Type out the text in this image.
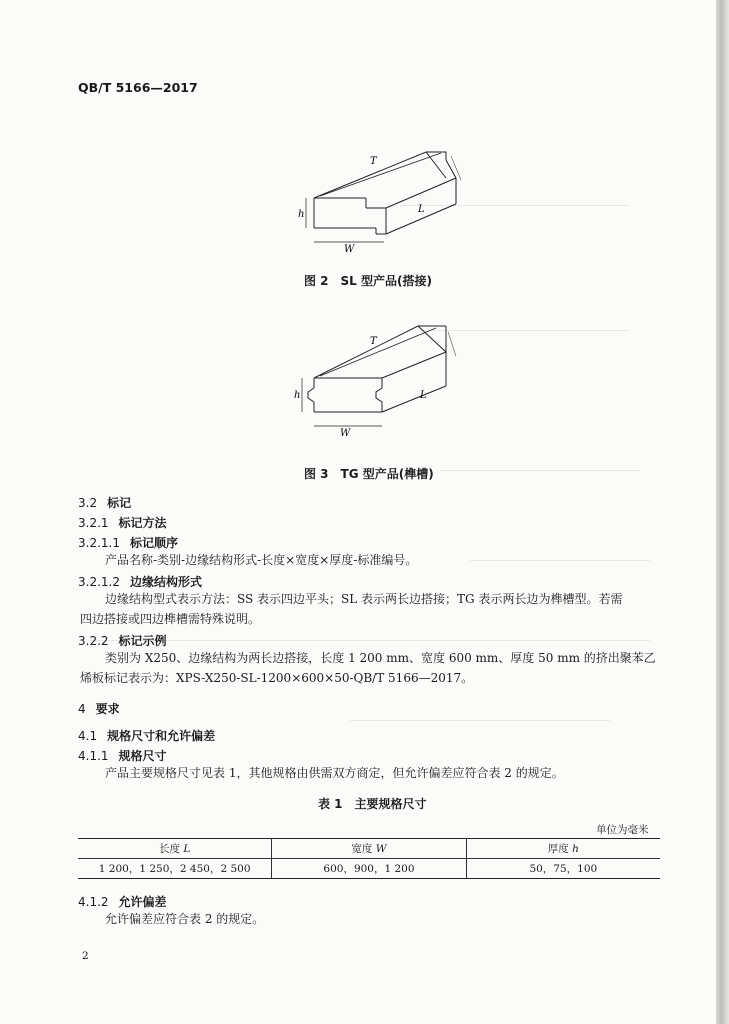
QB/T 5166—2017
T
h	L
W
图 2　SL 型产品(搭接)
T
h	L
W
图 3　TG 型产品(榫槽)
3.2 标记
3.2.1 标记方法
3.2.1.1 标记顺序
产品名称-类别-边缘结构形式-长度×宽度×厚度-标准编号。
3.2.1.2 边缘结构形式
边缘结构型式表示方法：SS 表示四边平头；SL 表示两长边搭接；TG 表示两长边为榫槽型。若需
四边搭接或四边榫槽需特殊说明。
3.2.2 标记示例
类别为 X250、边缘结构为两长边搭接，长度 1 200 mm、宽度 600 mm、厚度 50 mm 的挤出聚苯乙
烯板标记表示为：XPS-X250-SL-1200×600×50-QB/T 5166—2017。
4 要求
4.1 规格尺寸和允许偏差
4.1.1 规格尺寸
产品主要规格尺寸见表 1，其他规格由供需双方商定，但允许偏差应符合表 2 的规定。
表 1　主要规格尺寸
单位为毫米
长度 L	宽度 W	厚度 h
1 200，1 250，2 450，2 500	600，900，1 200	50，75，100
4.1.2 允许偏差
允许偏差应符合表 2 的规定。
2
